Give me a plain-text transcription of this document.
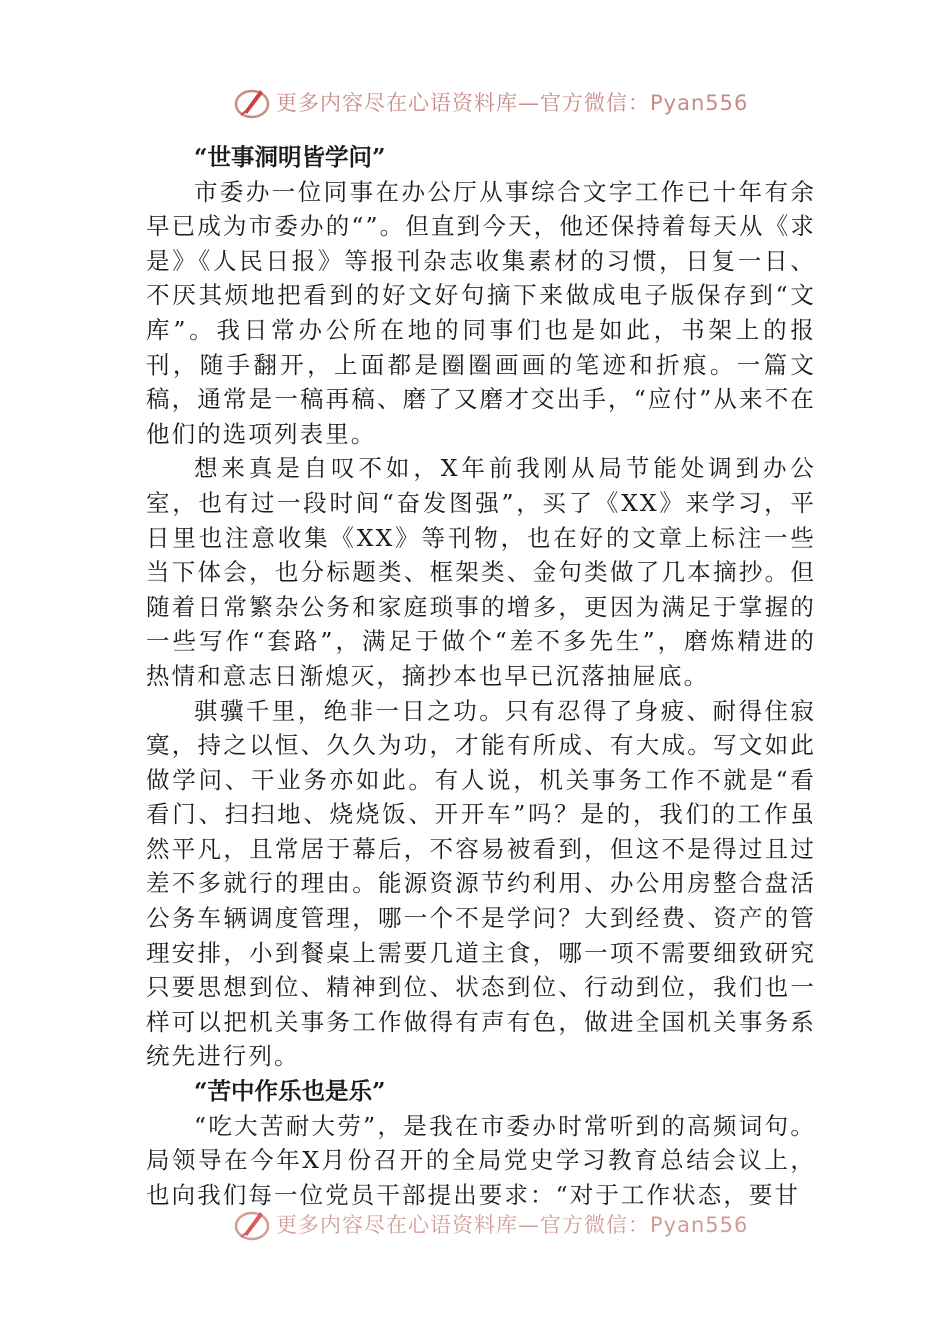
更多内容尽在心语资料库—官方微信：Pyan556
“世事洞明皆学问”

市委办一位同事在办公厅从事综合文字工作已十年有余早已成为市委办的“”。但直到今天，他还保持着每天从《求是》《人民日报》等报刊杂志收集素材的习惯，日复一日、不厌其烦地把看到的好文好句摘下来做成电子版保存到“文库”。我日常办公所在地的同事们也是如此，书架上的报刊，随手翻开，上面都是圈圈画画的笔迹和折痕。一篇文稿，通常是一稿再稿、磨了又磨才交出手，“应付”从来不在他们的选项列表里。

想来真是自叹不如，X年前我刚从局节能处调到办公室，也有过一段时间“奋发图强”，买了《XX》来学习，平日里也注意收集《XX》等刊物，也在好的文章上标注一些当下体会，也分标题类、框架类、金句类做了几本摘抄。但随着日常繁杂公务和家庭琐事的增多，更因为满足于掌握的一些写作“套路”，满足于做个“差不多先生”，磨炼精进的热情和意志日渐熄灭，摘抄本也早已沉落抽屉底。

骐骥千里，绝非一日之功。只有忍得了身疲、耐得住寂寞，持之以恒、久久为功，才能有所成、有大成。写文如此做学问、干业务亦如此。有人说，机关事务工作不就是“看看门、扫扫地、烧烧饭、开开车”吗？是的，我们的工作虽然平凡，且常居于幕后，不容易被看到，但这不是得过且过差不多就行的理由。能源资源节约利用、办公用房整合盘活公务车辆调度管理，哪一个不是学问？大到经费、资产的管理安排，小到餐桌上需要几道主食，哪一项不需要细致研究只要思想到位、精神到位、状态到位、行动到位，我们也一样可以把机关事务工作做得有声有色，做进全国机关事务系统先进行列。

“苦中作乐也是乐”

“吃大苦耐大劳”，是我在市委办时常听到的高频词句。局领导在今年X月份召开的全局党史学习教育总结会议上，也向我们每一位党员干部提出要求：“对于工作状态，要甘

更多内容尽在心语资料库—官方微信：Pyan556
